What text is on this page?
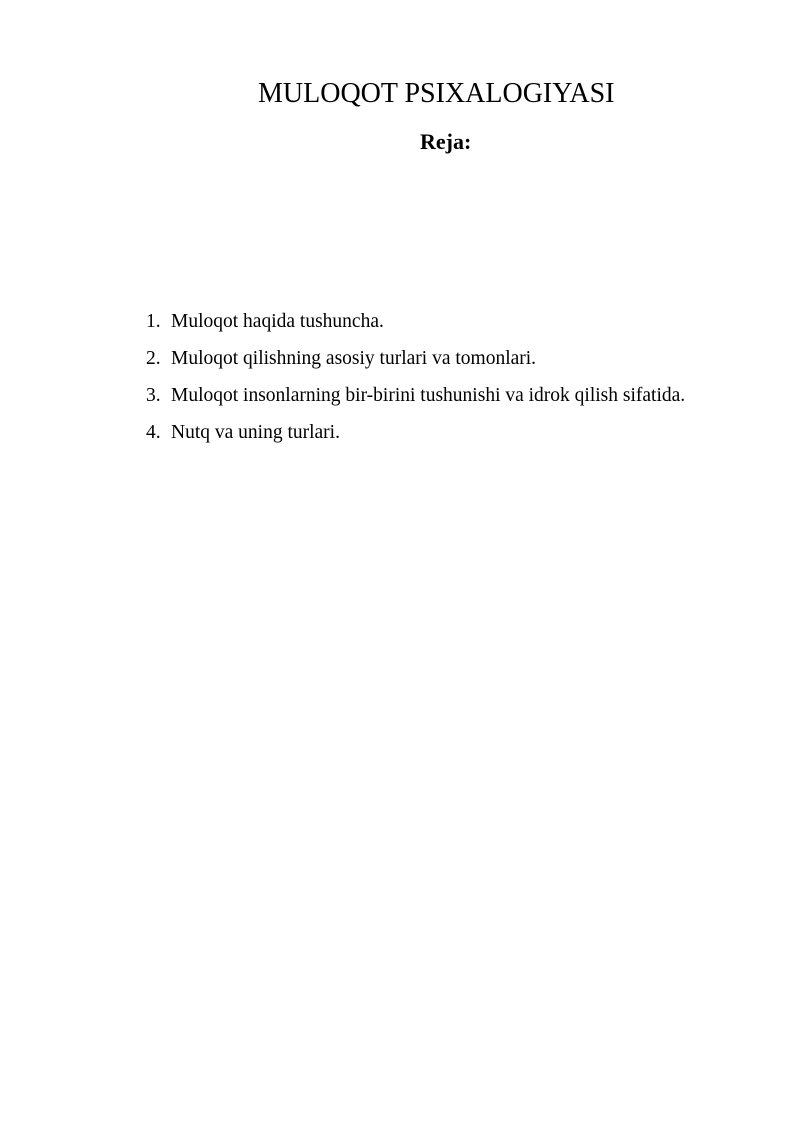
MULOQOT PSIXALOGIYASI
Reja:
1. Muloqot haqida tushuncha.
2. Muloqot qilishning asosiy turlari va tomonlari.
3. Muloqot insonlarning bir-birini tushunishi va idrok qilish sifatida.
4. Nutq va uning turlari.
